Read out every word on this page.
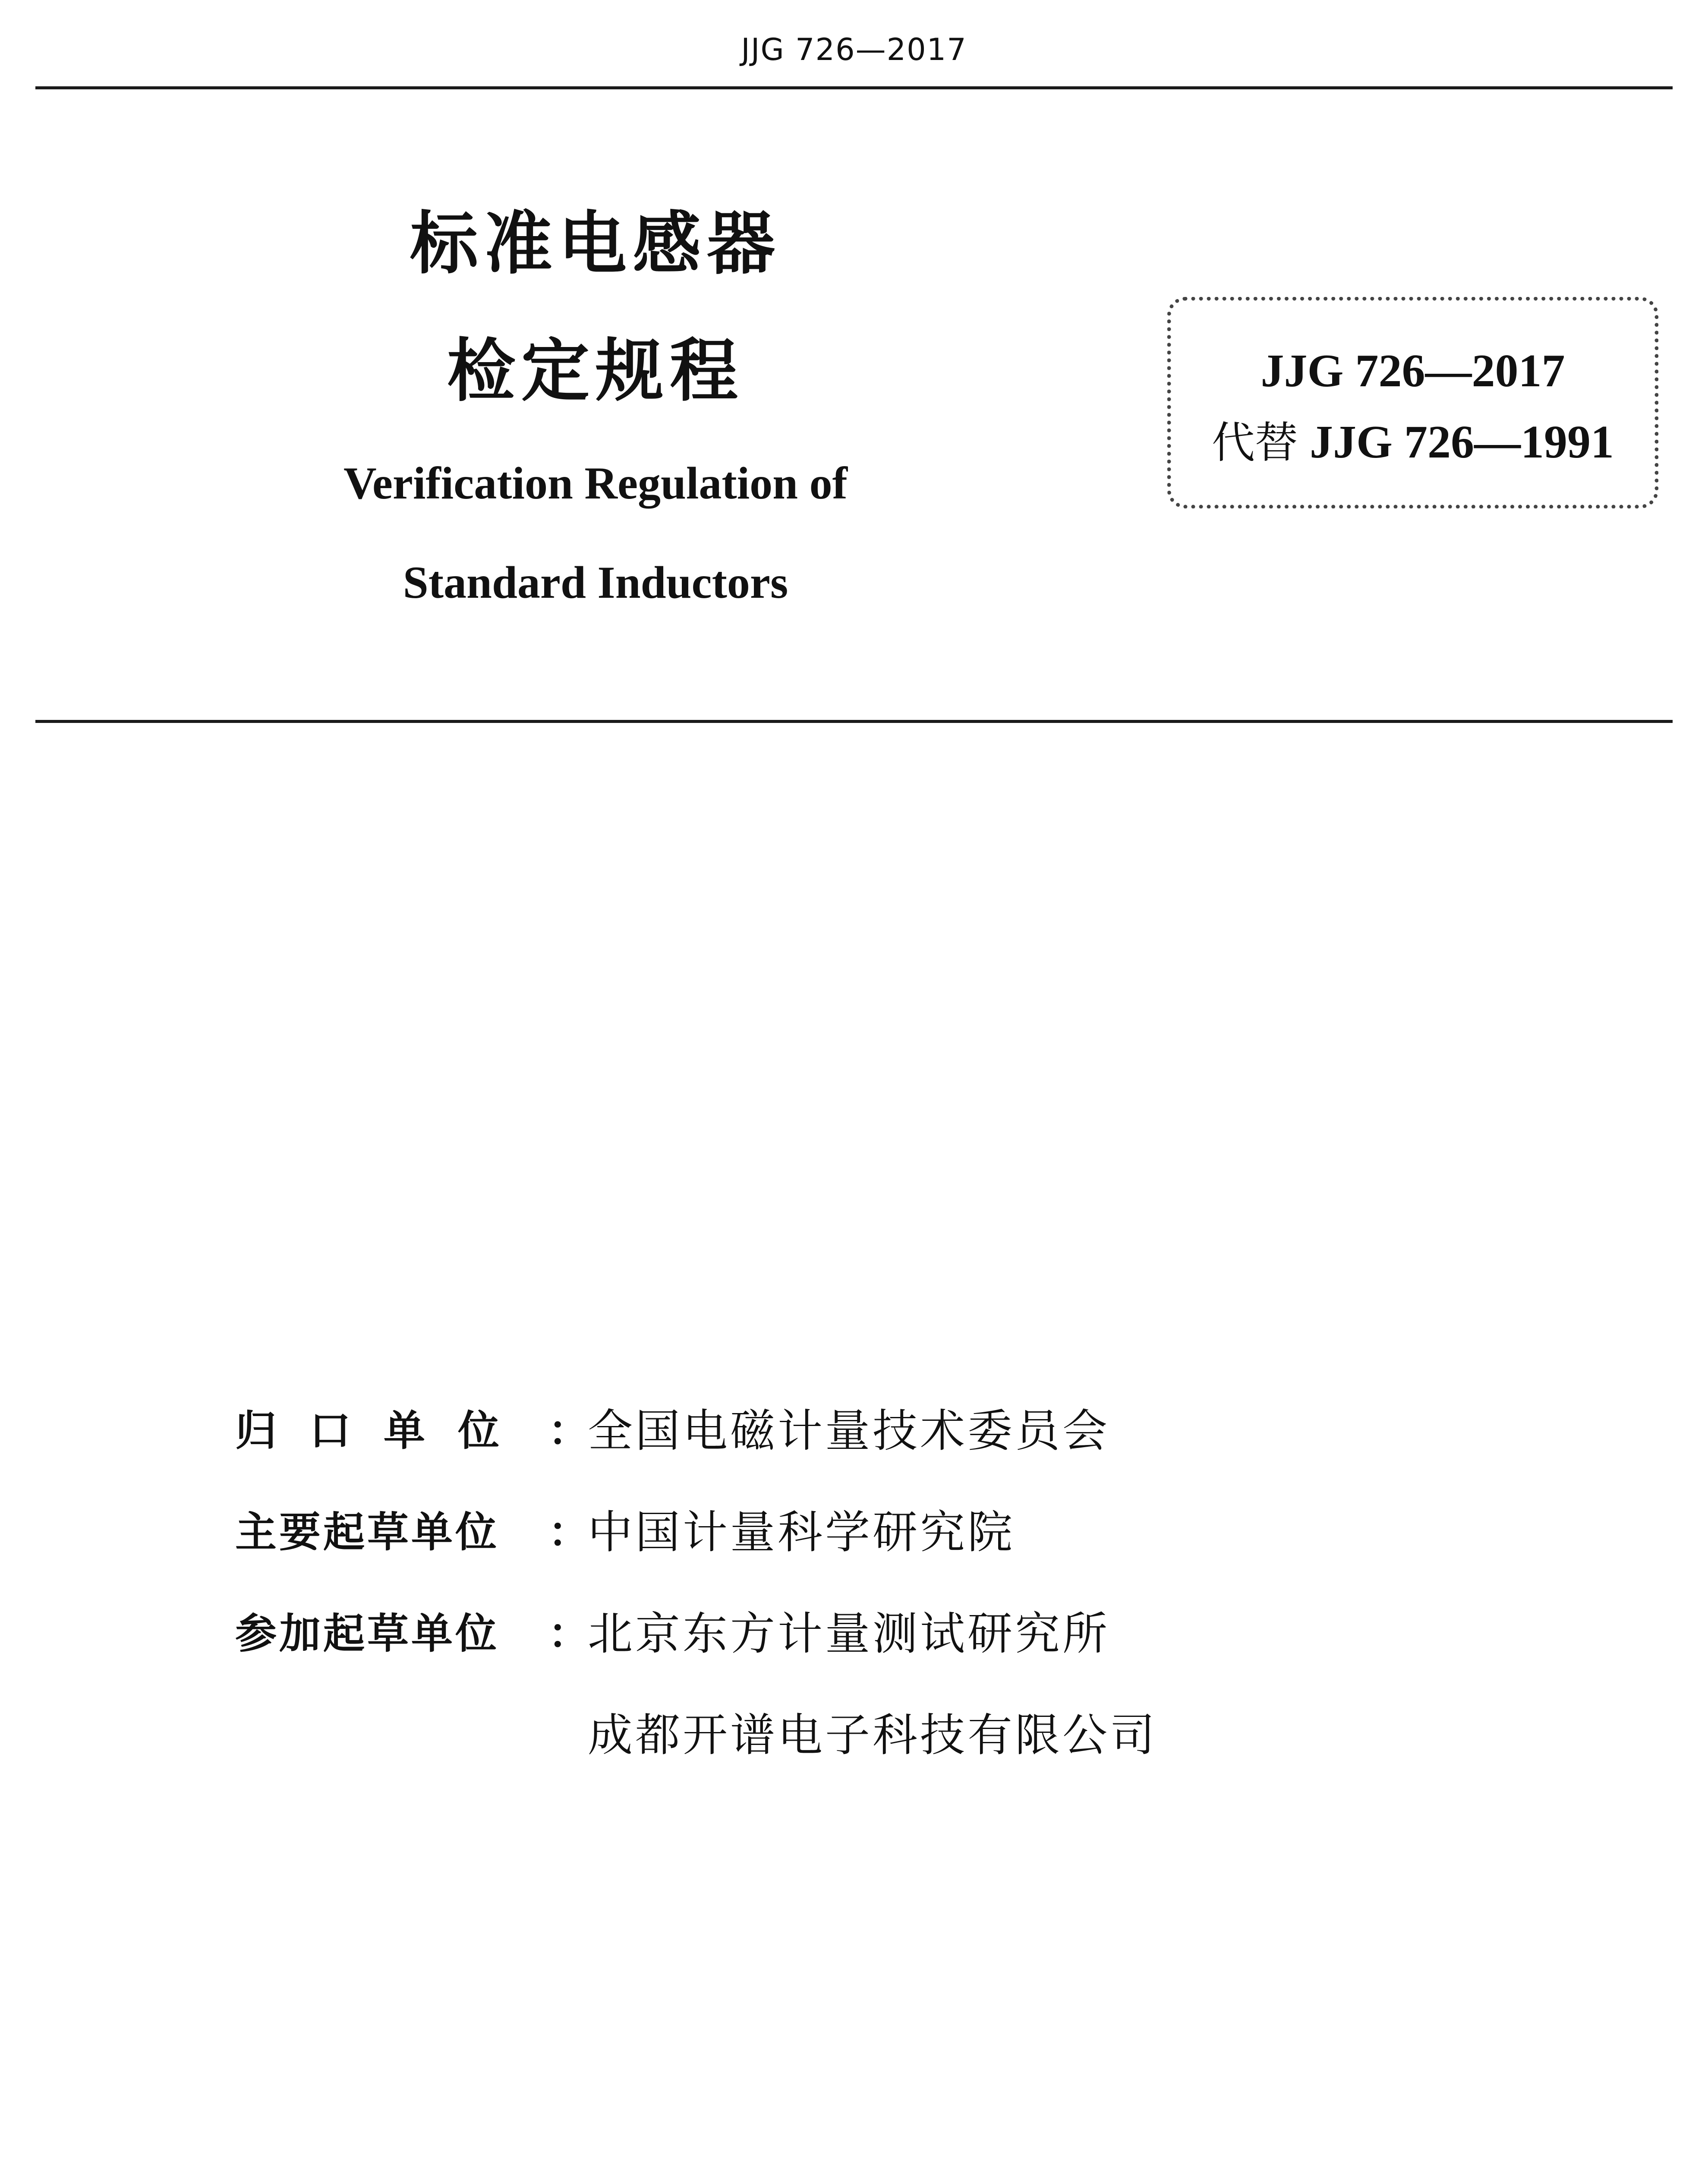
JJG 726—2017
标准电感器
检定规程
Verification Regulation of
Standard Inductors
JJG 726—2017
代替 JJG 726—1991
归口单位 ：
全国电磁计量技术委员会
主要起草单位	：
中国计量科学研究院
参加起草单位	：
北京东方计量测试研究所
成都开谱电子科技有限公司
